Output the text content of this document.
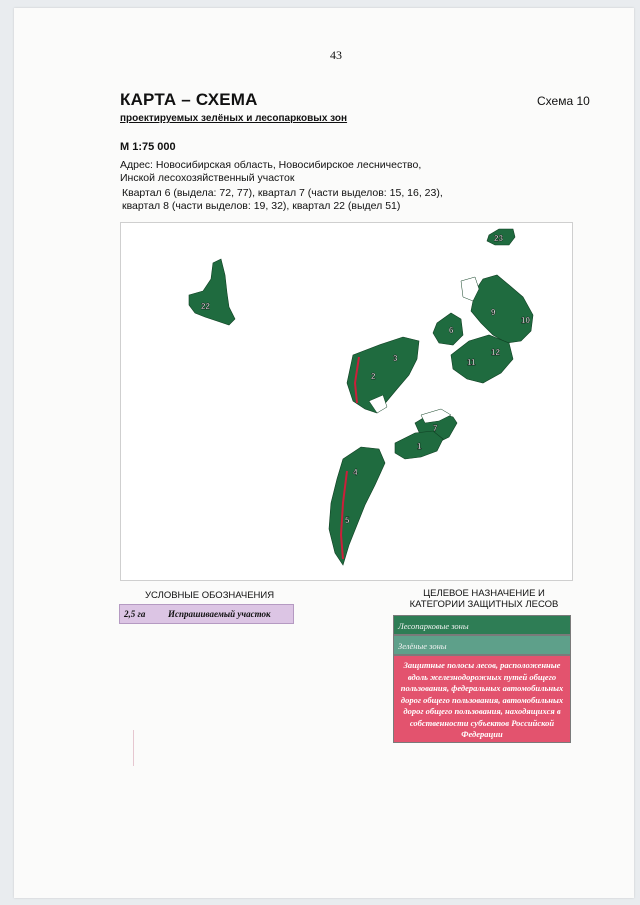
43
КАРТА – СХЕМА	Схема 10
проектируемых зелёных и лесопарковых зон
М 1:75 000
Адрес: Новосибирская область, Новосибирское лесничество,
Инской лесохозяйственный участок
Квартал 6 (выдела: 72, 77), квартал 7 (части выделов: 15, 16, 23),
квартал 8 (части выделов: 19, 32), квартал 22 (выдел 51)
22
23
9
10
6
11
12
3
2
7
1
4
5
УСЛОВНЫЕ ОБОЗНАЧЕНИЯ
2,5 га	Испрашиваемый участок
ЦЕЛЕВОЕ НАЗНАЧЕНИЕ И
КАТЕГОРИИ ЗАЩИТНЫХ ЛЕСОВ
Лесопарковые зоны
Зелёные зоны
Защитные полосы лесов, расположенные вдоль железнодорожных путей общего пользования, федеральных автомобильных дорог общего пользования, автомобильных дорог общего пользования, находящихся в собственности субъектов Российской Федерации
